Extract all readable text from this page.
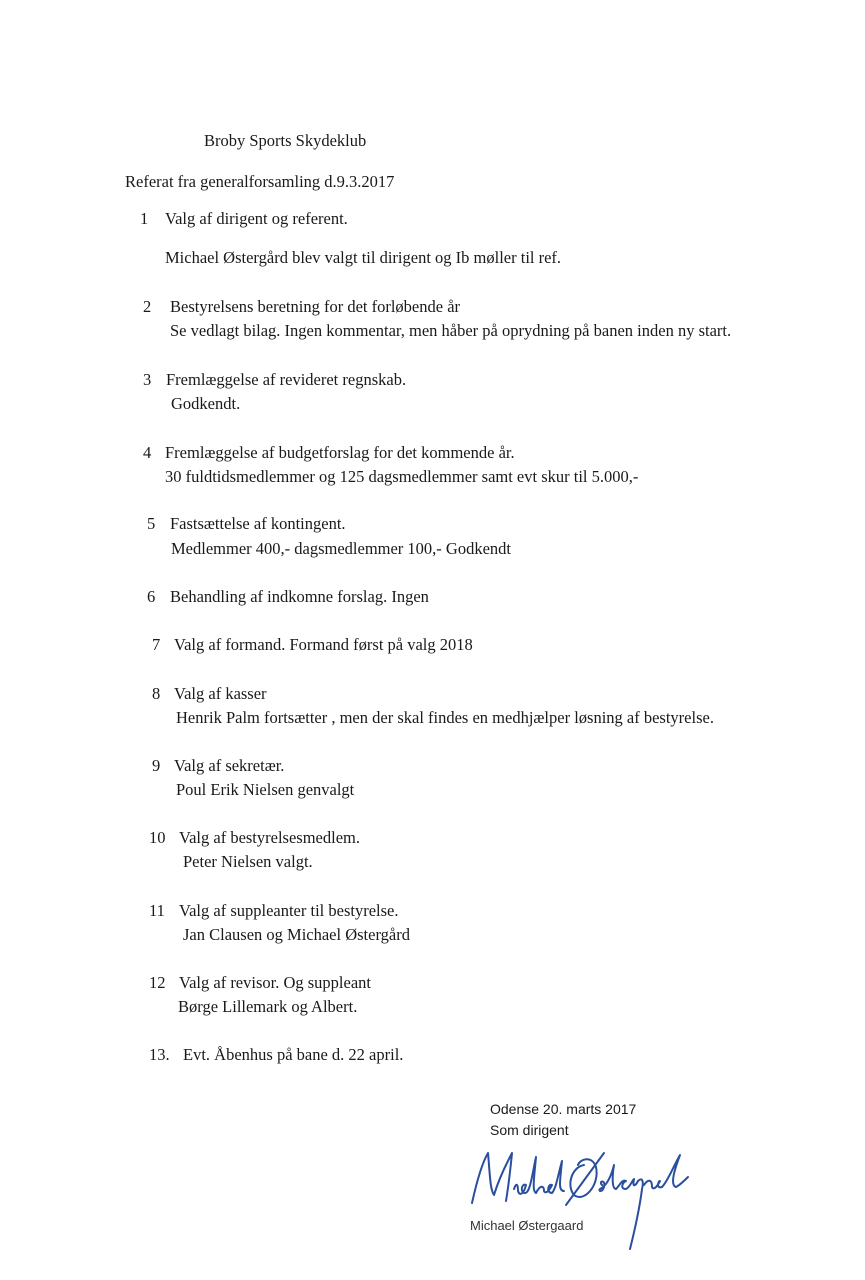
Broby Sports Skydeklub
Referat fra generalforsamling d.9.3.2017
1 Valg af dirigent og referent.
Michael Østergård blev valgt til dirigent og Ib møller til ref.
2 Bestyrelsens beretning for det forløbende år
Se vedlagt bilag. Ingen kommentar, men håber på oprydning på banen inden ny start.
3 Fremlæggelse af revideret regnskab.
Godkendt.
4 Fremlæggelse af budgetforslag for det kommende år.
30 fuldtidsmedlemmer og 125 dagsmedlemmer samt evt skur til 5.000,-
5 Fastsættelse af kontingent.
Medlemmer 400,- dagsmedlemmer 100,- Godkendt
6 Behandling af indkomne forslag. Ingen
7 Valg af formand. Formand først på valg 2018
8 Valg af kasser
Henrik Palm fortsætter , men der skal findes en medhjælper løsning af bestyrelse.
9 Valg af sekretær.
Poul Erik Nielsen genvalgt
10 Valg af bestyrelsesmedlem.
Peter Nielsen valgt.
11 Valg af suppleanter til bestyrelse.
Jan Clausen og Michael Østergård
12 Valg af revisor. Og suppleant
Børge Lillemark og Albert.
13. Evt. Åbenhus på bane d. 22 april.
Odense 20. marts 2017
Som dirigent
Michael Østergaard
